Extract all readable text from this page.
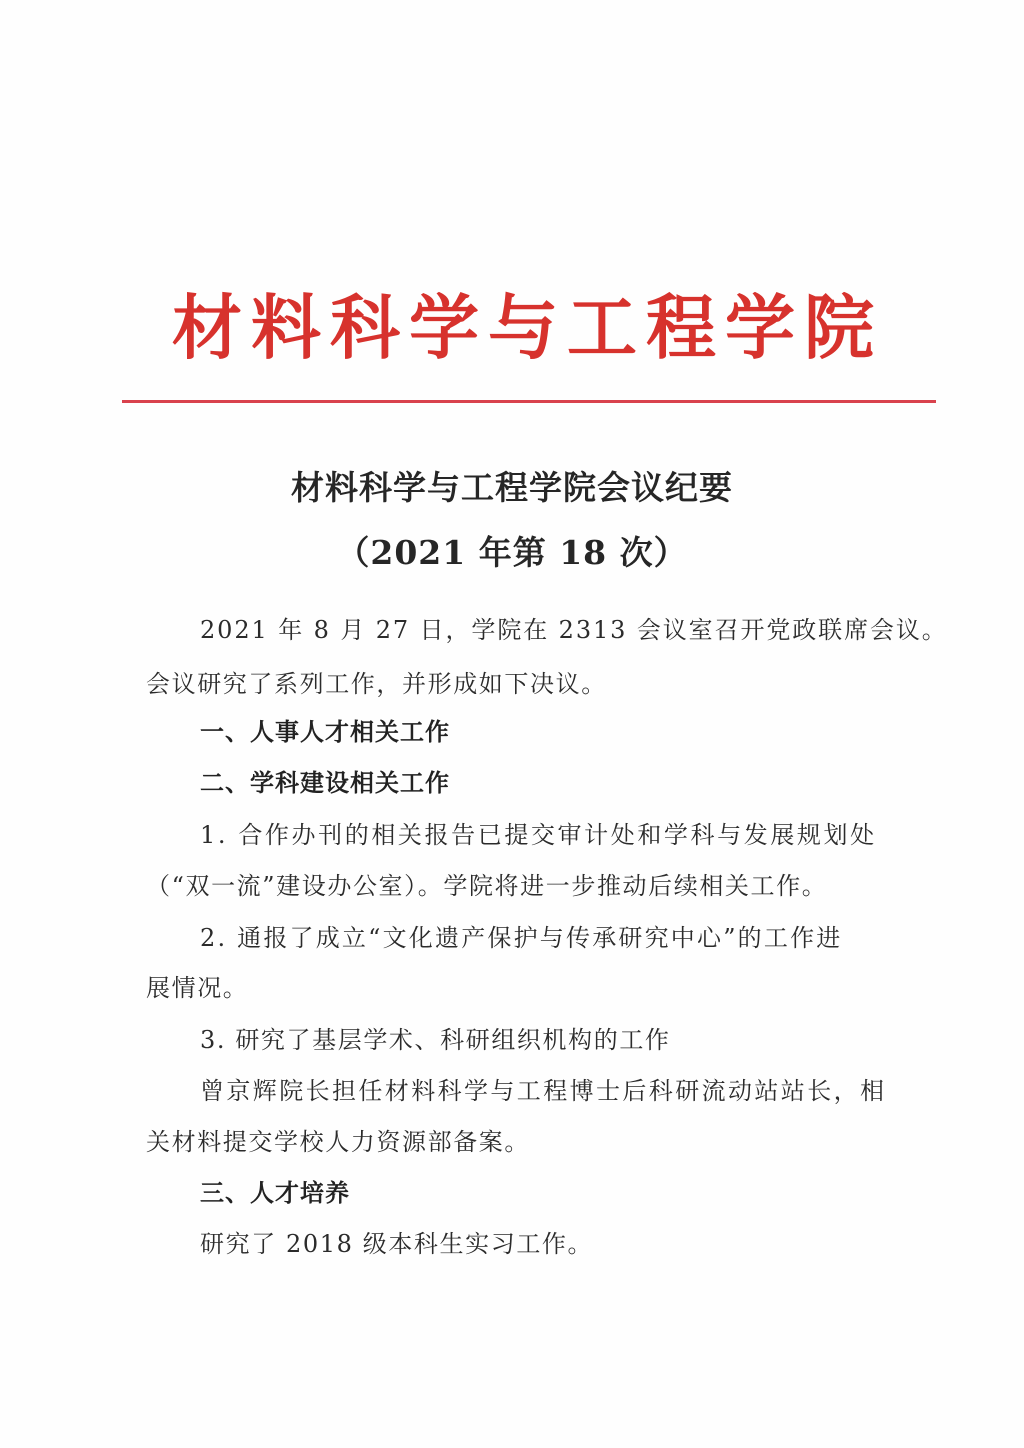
材料科学与工程学院
材料科学与工程学院会议纪要
（2021 年第 18 次）

2021 年 8 月 27 日，学院在 2313 会议室召开党政联席会议。

会议研究了系列工作，并形成如下决议。

一、人事人才相关工作

二、学科建设相关工作

1. 合作办刊的相关报告已提交审计处和学科与发展规划处

（“双一流”建设办公室）。学院将进一步推动后续相关工作。

2. 通报了成立“文化遗产保护与传承研究中心”的工作进

展情况。

3. 研究了基层学术、科研组织机构的工作

曾京辉院长担任材料科学与工程博士后科研流动站站长，相

关材料提交学校人力资源部备案。

三、人才培养

研究了 2018 级本科生实习工作。
